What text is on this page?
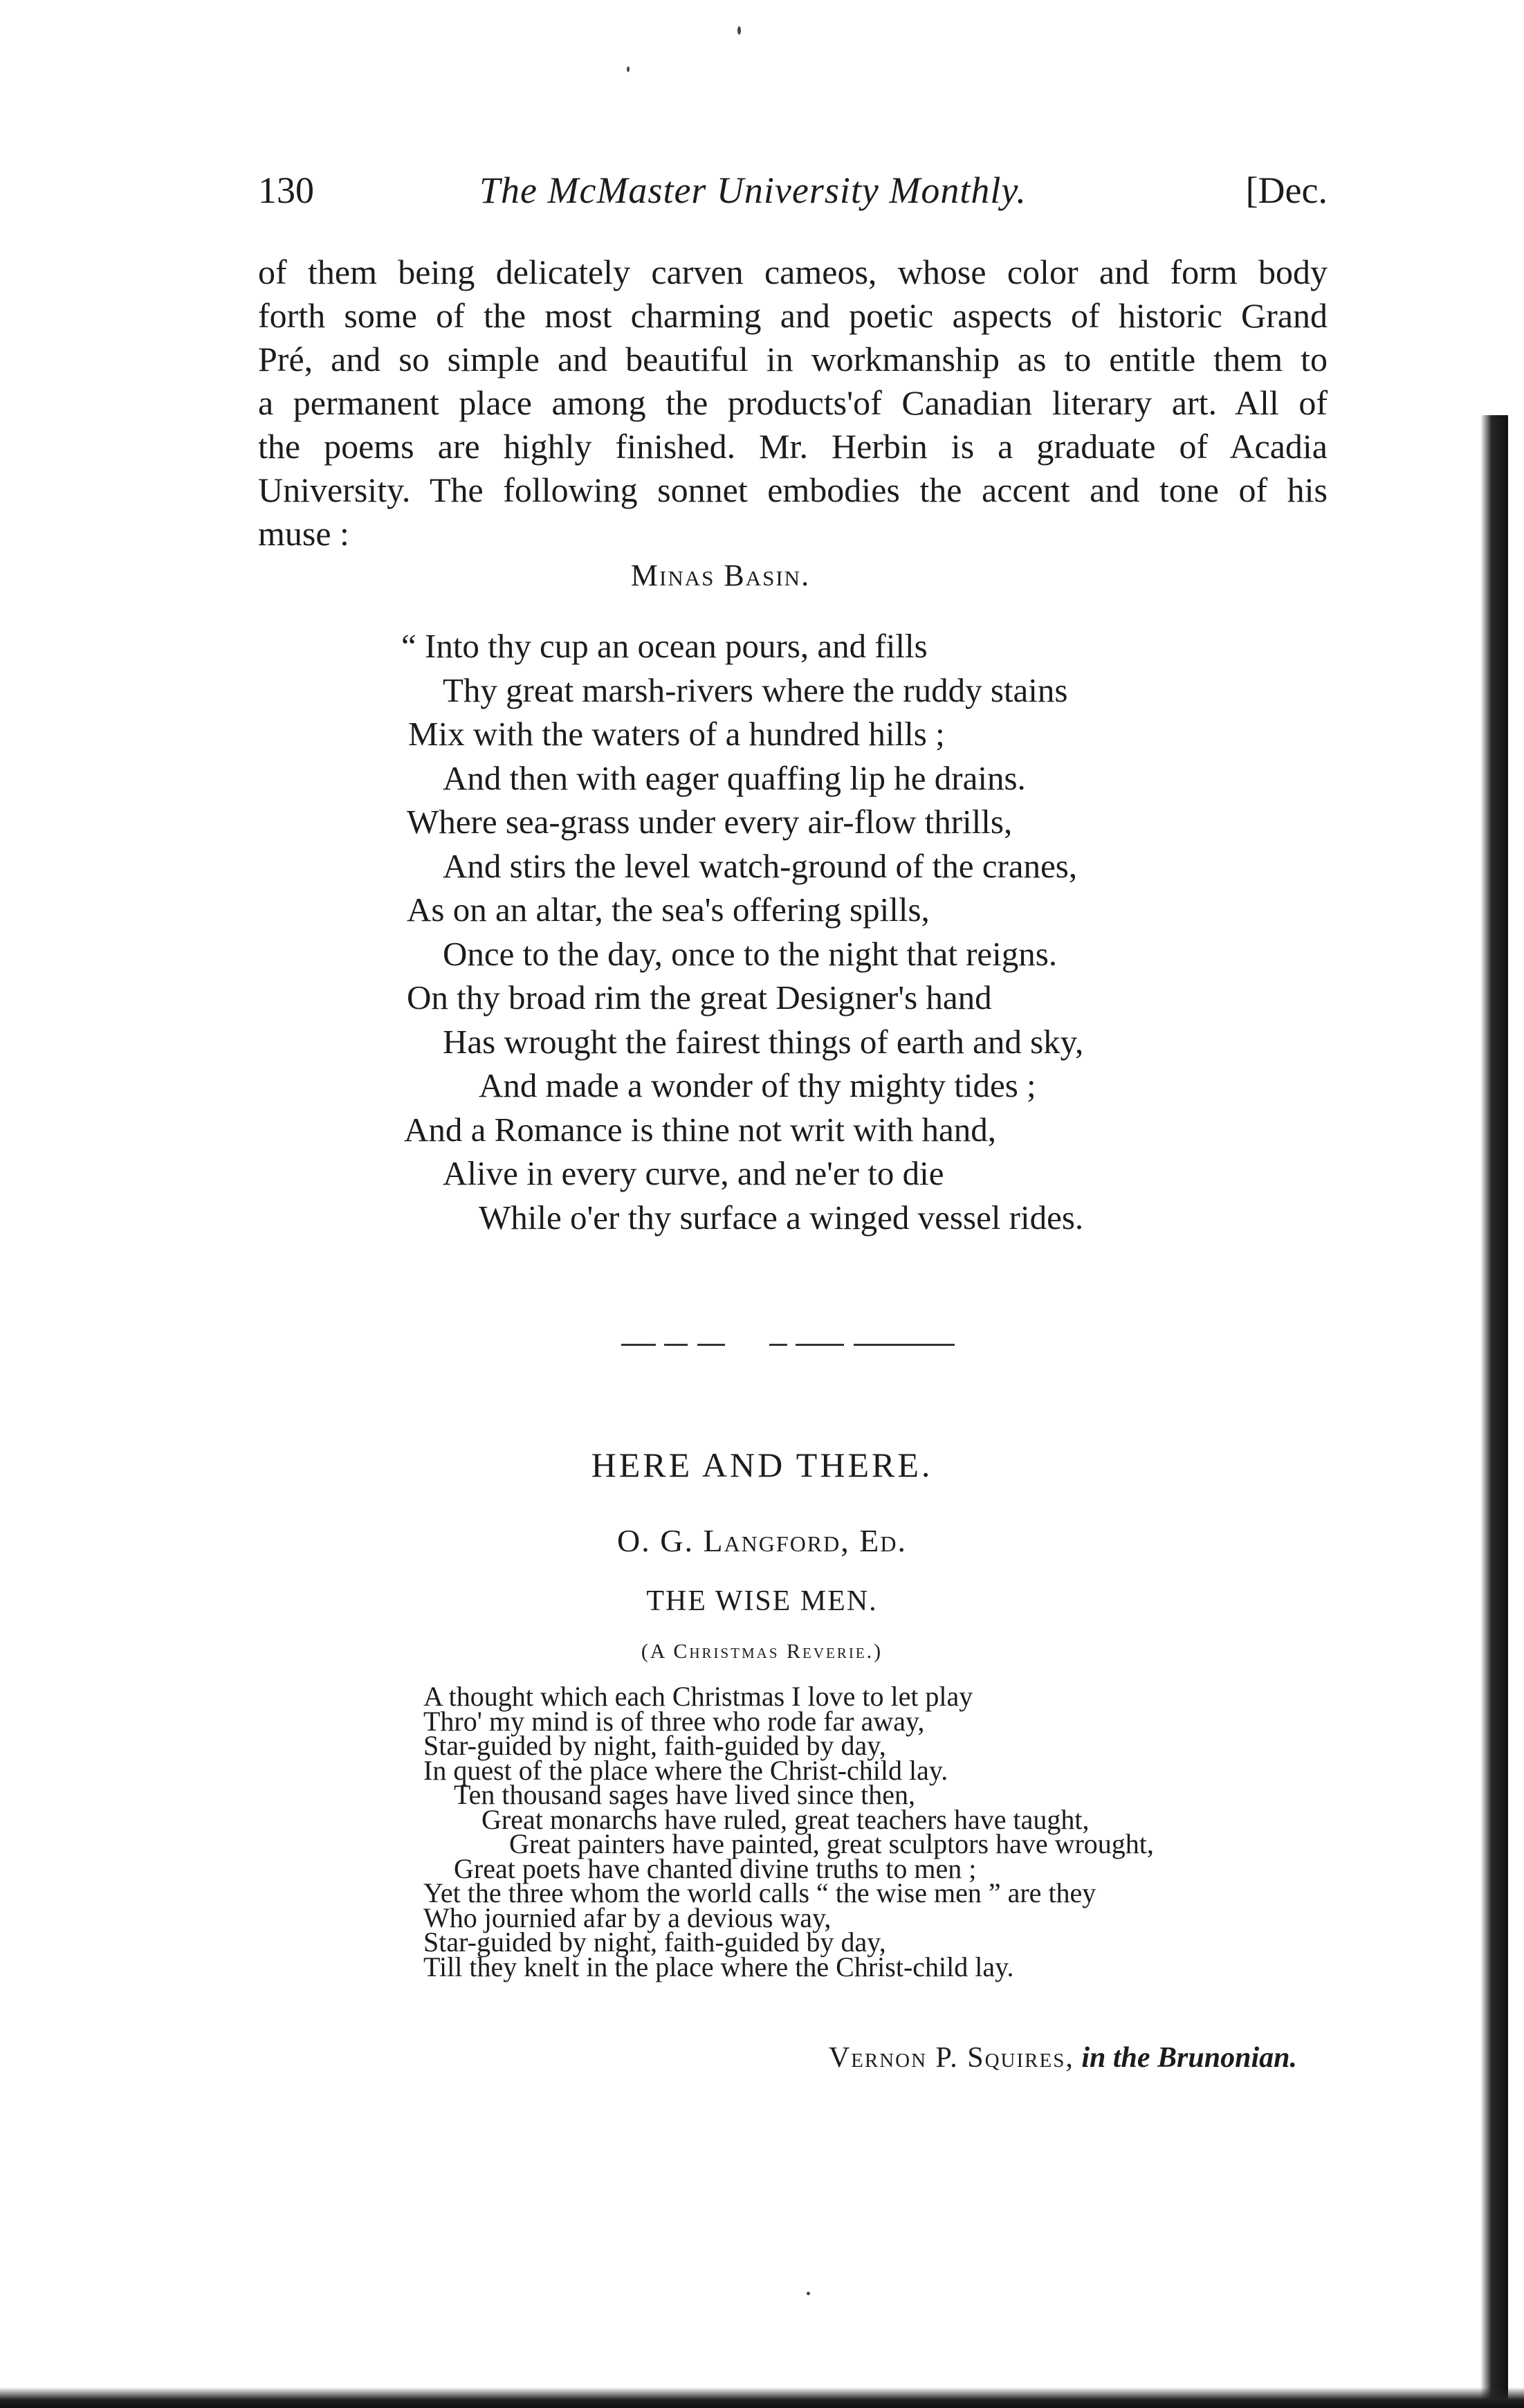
130	The McMaster University Monthly.	[Dec.
of them being delicately carven cameos, whose color and form body
forth some of the most charming and poetic aspects of historic Grand
Pré, and so simple and beautiful in workmanship as to entitle them to
a permanent place among the products'of Canadian literary art. All of
the poems are highly finished. Mr. Herbin is a graduate of Acadia
University. The following sonnet embodies the accent and tone of his
muse :
Minas Basin.
“ Into thy cup an ocean pours, and fills
Thy great marsh-rivers where the ruddy stains
Mix with the waters of a hundred hills ;
And then with eager quaffing lip he drains.
Where sea-grass under every air-flow thrills,
And stirs the level watch-ground of the cranes,
As on an altar, the sea's offering spills,
Once to the day, once to the night that reigns.
On thy broad rim the great Designer's hand
Has wrought the fairest things of earth and sky,
And made a wonder of thy mighty tides ;
And a Romance is thine not writ with hand,
Alive in every curve, and ne'er to die
While o'er thy surface a winged vessel rides.
HERE AND THERE.
O. G. Langford, Ed.
THE WISE MEN.
(A Christmas Reverie.)
A thought which each Christmas I love to let play
Thro' my mind is of three who rode far away,
Star-guided by night, faith-guided by day,
In quest of the place where the Christ-child lay.
Ten thousand sages have lived since then,
Great monarchs have ruled, great teachers have taught,
Great painters have painted, great sculptors have wrought,
Great poets have chanted divine truths to men ;
Yet the three whom the world calls “ the wise men ” are they
Who journied afar by a devious way,
Star-guided by night, faith-guided by day,
Till they knelt in the place where the Christ-child lay.
Vernon P. Squires, in the Brunonian.
